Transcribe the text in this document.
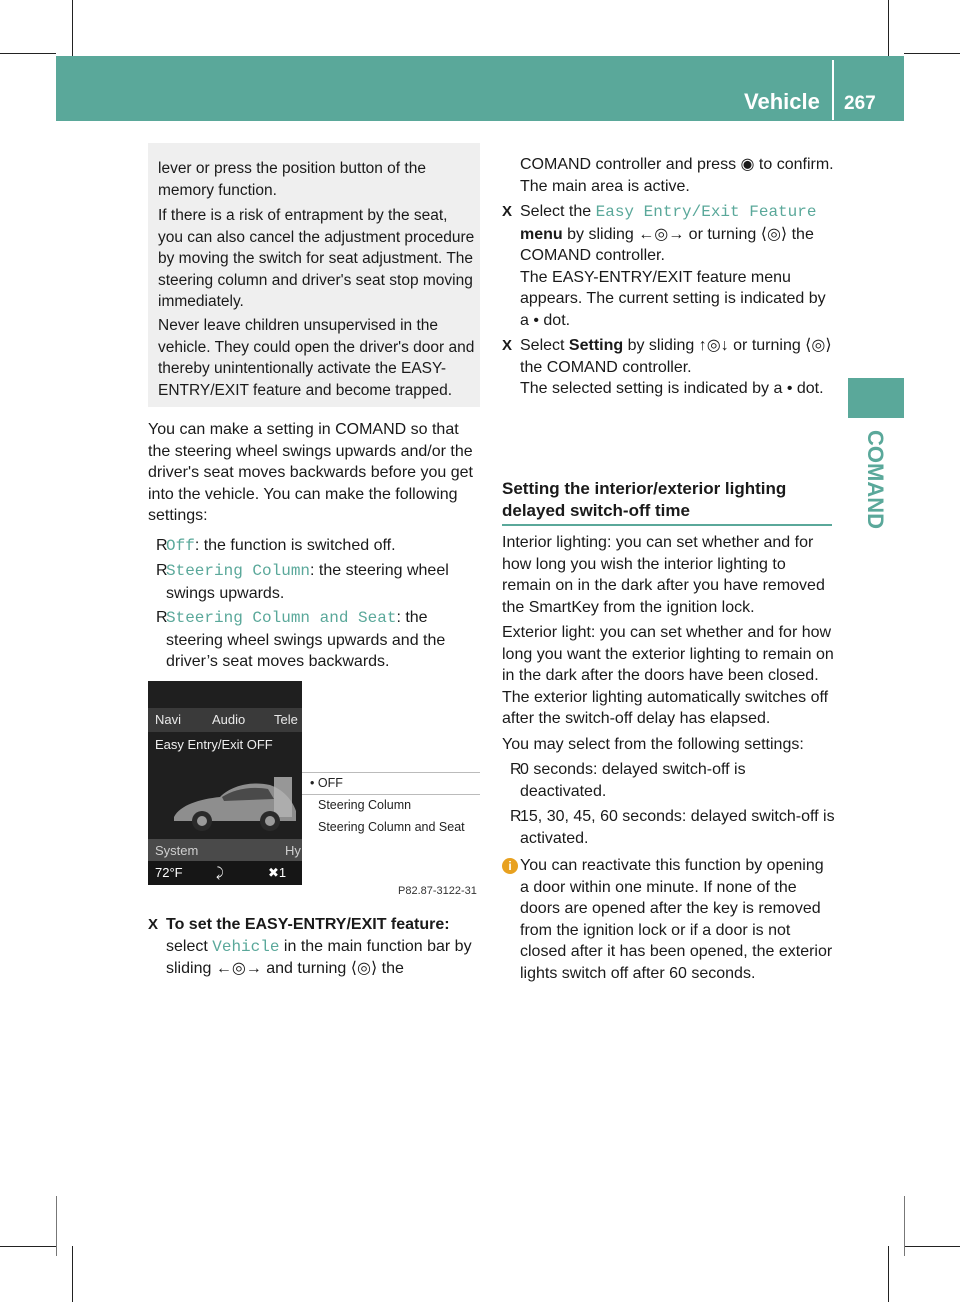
Vehicle 267
COMAND

lever or press the position button of the memory function.

If there is a risk of entrapment by the seat, you can also cancel the adjustment procedure by moving the switch for seat adjustment. The steering column and driver's seat stop moving immediately.

Never leave children unsupervised in the vehicle. They could open the driver's door and thereby unintentionally activate the EASY-ENTRY/EXIT feature and become trapped.

You can make a setting in COMAND so that the steering wheel swings upwards and/or the driver's seat moves backwards before you get into the vehicle. You can make the following settings:

R

Off: the function is switched off.

R

Steering Column: the steering wheel swings upwards.

R

Steering Column and Seat: the steering wheel swings upwards and the driver’s seat moves backwards.

Navi Audio Tele
Easy Entry/Exit OFF
System	Hy
72°F	⤸	✖1
• OFF
Steering Column
Steering Column and Seat
P82.87-3122-31
X To set the EASY-ENTRY/EXIT feature:

select Vehicle in the main function bar by sliding ←◎→ and turning ⟨◎⟩ the

COMAND controller and press ◉ to confirm.

The main area is active.

X Select the Easy Entry/Exit Feature
menu by sliding ←◎→ or turning ⟨◎⟩ the COMAND controller.

The EASY-ENTRY/EXIT feature menu appears. The current setting is indicated by a • dot.

X Select Setting by sliding ↑◎↓ or turning ⟨◎⟩ the COMAND controller.

The selected setting is indicated by a • dot.

Setting the interior/exterior lighting delayed switch-off time

Interior lighting: you can set whether and for how long you wish the interior lighting to remain on in the dark after you have removed the SmartKey from the ignition lock.

Exterior light: you can set whether and for how long you want the exterior lighting to remain on in the dark after the doors have been closed. The exterior lighting automatically switches off after the switch-off delay has elapsed.

You may select from the following settings:

R

0 seconds: delayed switch-off is deactivated.

R

15, 30, 45, 60 seconds: delayed switch-off is activated.

i You can reactivate this function by opening a door within one minute. If none of the doors are opened after the key is removed from the ignition lock or if a door is not closed after it has been opened, the exterior lights switch off after 60 seconds.
